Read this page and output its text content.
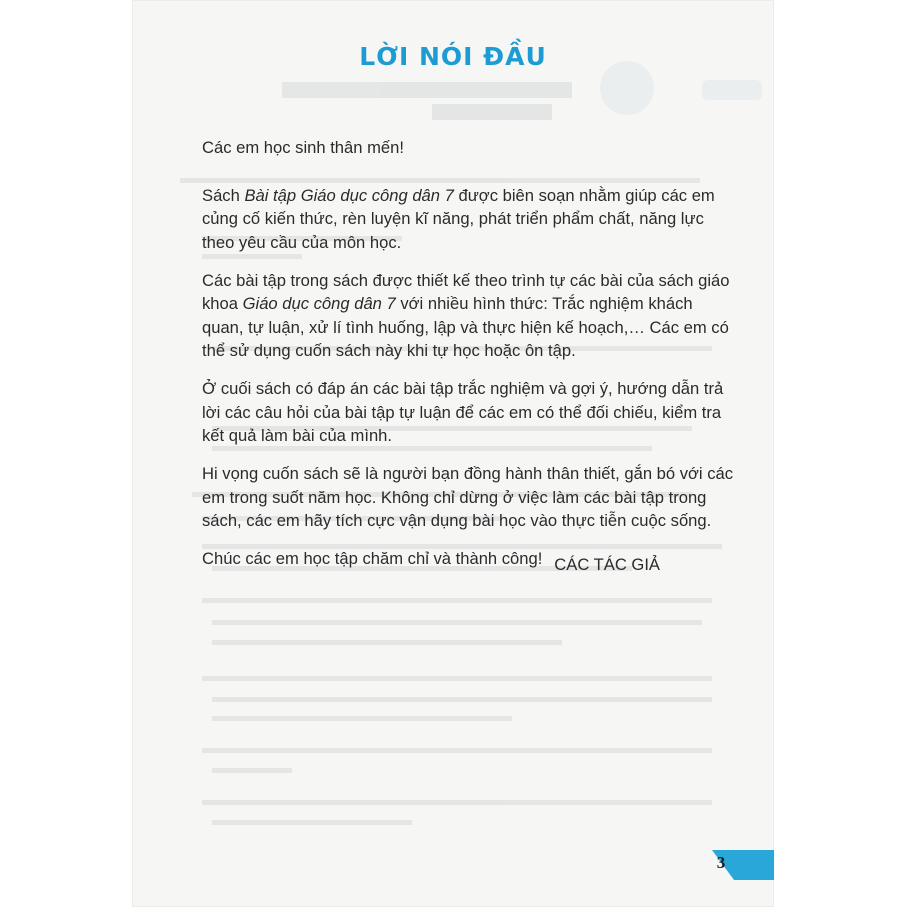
LỜI NÓI ĐẦU

Các em học sinh thân mến!

Sách Bài tập Giáo dục công dân 7 được biên soạn nhằm giúp các em củng cố kiến thức, rèn luyện kĩ năng, phát triển phẩm chất, năng lực theo yêu cầu của môn học.

Các bài tập trong sách được thiết kế theo trình tự các bài của sách giáo khoa Giáo dục công dân 7 với nhiều hình thức: Trắc nghiệm khách quan, tự luận, xử lí tình huống, lập và thực hiện kế hoạch,… Các em có thể sử dụng cuốn sách này khi tự học hoặc ôn tập.

Ở cuối sách có đáp án các bài tập trắc nghiệm và gợi ý, hướng dẫn trả lời các câu hỏi của bài tập tự luận để các em có thể đối chiếu, kiểm tra kết quả làm bài của mình.

Hi vọng cuốn sách sẽ là người bạn đồng hành thân thiết, gắn bó với các em trong suốt năm học. Không chỉ dừng ở việc làm các bài tập trong sách, các em hãy tích cực vận dụng bài học vào thực tiễn cuộc sống.

Chúc các em học tập chăm chỉ và thành công! CÁC TÁC GIẢ
3
